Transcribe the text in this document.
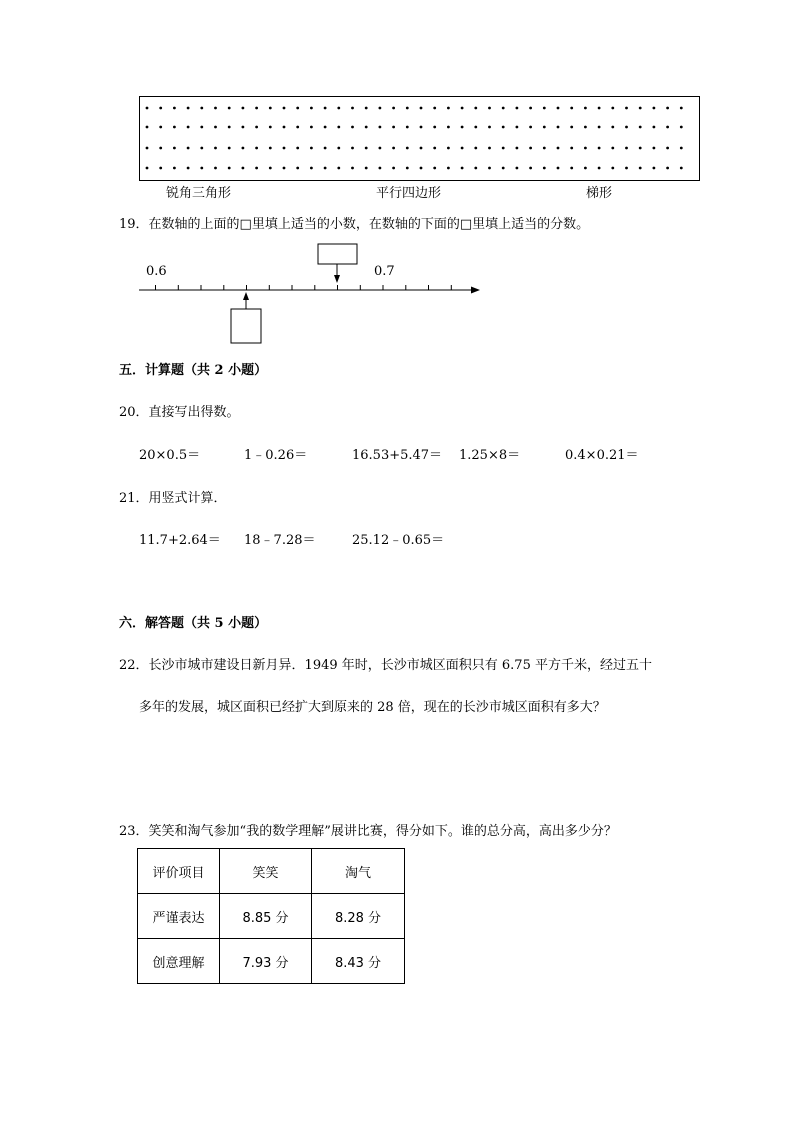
锐角三角形	平行四边形	梯形
19．在数轴的上面的□里填上适当的小数，在数轴的下面的□里填上适当的分数。
0.6	0.7
五．计算题（共 2 小题）
20．直接写出得数。
20×0.5＝	1﹣0.26＝	16.53+5.47＝ 1.25×8＝	0.4×0.21＝
21．用竖式计算．
11.7+2.64＝ 18﹣7.28＝	25.12﹣0.65＝
六．解答题（共 5 小题）
22．长沙市城市建设日新月异．1949 年时，长沙市城区面积只有 6.75 平方千米，经过五十
多年的发展，城区面积已经扩大到原来的 28 倍，现在的长沙市城区面积有多大？
23．笑笑和淘气参加“我的数学理解”展讲比赛，得分如下。谁的总分高，高出多少分？
评价项目	笑笑	淘气
严谨表达	8.85 分	8.28 分
创意理解	7.93 分	8.43 分
